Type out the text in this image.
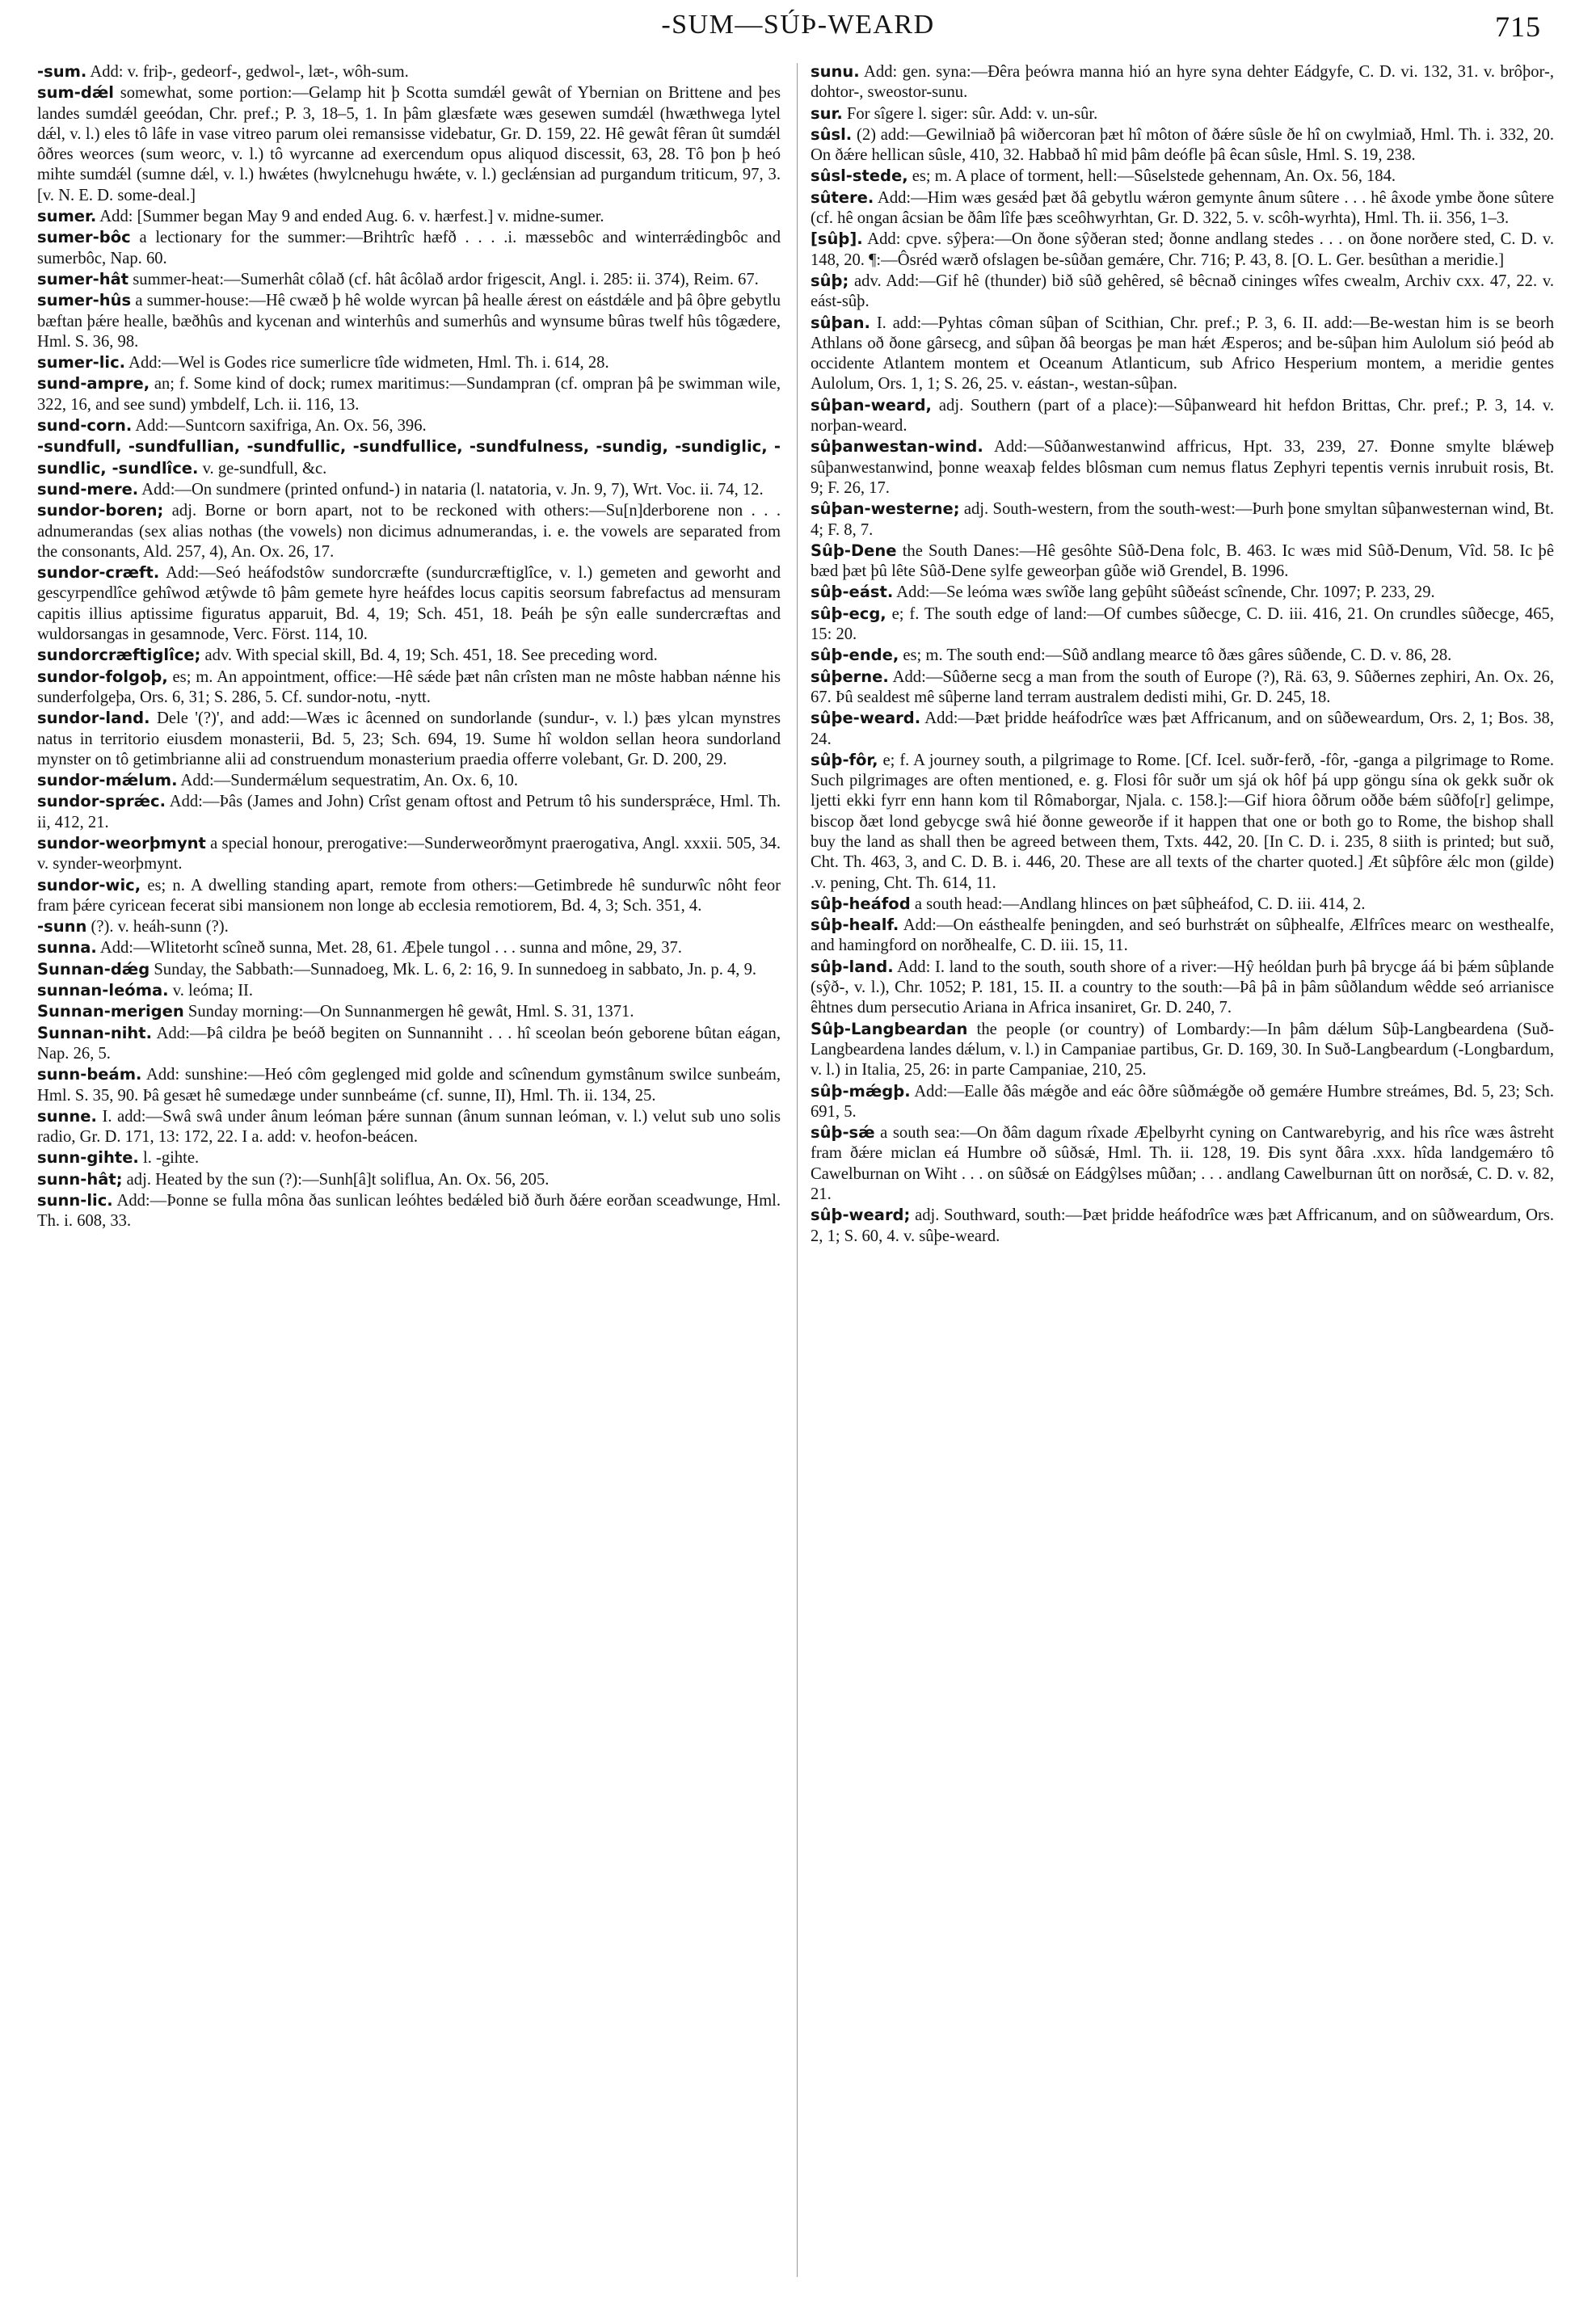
-SUM—SÚÞ-WEARD	715

-sum. Add: v. friþ-, gedeorf-, gedwol-, læt-, wôh-sum.

sum-dǽl somewhat, some portion:—Gelamp hit þ Scotta sumdǽl gewât of Ybernian on Brittene and þes landes sumdǽl geeódan, Chr. pref.; P. 3, 18–5, 1. In þâm glæsfæte wæs gesewen sumdǽl (hwæthwega lytel dǽl, v. l.) eles tô lâfe in vase vitreo parum olei remansisse videbatur, Gr. D. 159, 22. Hê gewât fêran ût sumdǽl ôðres weorces (sum weorc, v. l.) tô wyrcanne ad exercendum opus aliquod discessit, 63, 28. Tô þon þ heó mihte sumdǽl (sumne dǽl, v. l.) hwǽtes (hwylcnehugu hwǽte, v. l.) geclǽnsian ad purgandum triticum, 97, 3. [v. N. E. D. some-deal.]

sumer. Add: [Summer began May 9 and ended Aug. 6. v. hærfest.] v. midne-sumer.

sumer-bôc a lectionary for the summer:—Brihtrîc hæfð . . . .i. mæssebôc and winterrǽdingbôc and sumerbôc, Nap. 60.

sumer-hât summer-heat:—Sumerhât côlað (cf. hât âcôlað ardor frigescit, Angl. i. 285: ii. 374), Reim. 67.

sumer-hûs a summer-house:—Hê cwæð þ hê wolde wyrcan þâ healle ǽrest on eástdǽle and þâ ôþre gebytlu bæftan þǽre healle, bæðhûs and kycenan and winterhûs and sumerhûs and wynsume bûras twelf hûs tôgædere, Hml. S. 36, 98.

sumer-lic. Add:—Wel is Godes rice sumerlicre tîde widmeten, Hml. Th. i. 614, 28.

sund-ampre, an; f. Some kind of dock; rumex maritimus:—Sundampran (cf. ompran þâ þe swimman wile, 322, 16, and see sund) ymbdelf, Lch. ii. 116, 13.

sund-corn. Add:—Suntcorn saxifriga, An. Ox. 56, 396.

-sundfull, -sundfullian, -sundfullic, -sundfullice, -sundfulness, -sundig, -sundiglic, -sundlic, -sundlîce. v. ge-sundfull, &c.

sund-mere. Add:—On sundmere (printed onfund-) in nataria (l. natatoria, v. Jn. 9, 7), Wrt. Voc. ii. 74, 12.

sundor-boren; adj. Borne or born apart, not to be reckoned with others:—Su[n]derborene non . . . adnumerandas (sex alias nothas (the vowels) non dicimus adnumerandas, i. e. the vowels are separated from the consonants, Ald. 257, 4), An. Ox. 26, 17.

sundor-cræft. Add:—Seó heáfodstôw sundorcræfte (sundurcræftiglîce, v. l.) gemeten and geworht and gescyrpendlîce gehîwod ætŷwde tô þâm gemete hyre heáfdes locus capitis seorsum fabrefactus ad mensuram capitis illius aptissime figuratus apparuit, Bd. 4, 19; Sch. 451, 18. Þeáh þe sŷn ealle sundercræftas and wuldorsangas in gesamnode, Verc. Först. 114, 10.

sundorcræftiglîce; adv. With special skill, Bd. 4, 19; Sch. 451, 18. See preceding word.

sundor-folgoþ, es; m. An appointment, office:—Hê sǽde þæt nân crîsten man ne môste habban nǽnne his sunderfolgeþa, Ors. 6, 31; S. 286, 5. Cf. sundor-notu, -nytt.

sundor-land. Dele '(?)', and add:—Wæs ic âcenned on sundorlande (sundur-, v. l.) þæs ylcan mynstres natus in territorio eiusdem monasterii, Bd. 5, 23; Sch. 694, 19. Sume hî woldon sellan heora sundorland mynster on tô getimbrianne alii ad construendum monasterium praedia offerre volebant, Gr. D. 200, 29.

sundor-mǽlum. Add:—Sundermǽlum sequestratim, An. Ox. 6, 10.

sundor-sprǽc. Add:—Þâs (James and John) Crîst genam oftost and Petrum tô his sundersprǽce, Hml. Th. ii, 412, 21.

sundor-weorþmynt a special honour, prerogative:—Sunderweorðmynt praerogativa, Angl. xxxii. 505, 34. v. synder-weorþmynt.

sundor-wic, es; n. A dwelling standing apart, remote from others:—Getimbrede hê sundurwîc nôht feor fram þǽre cyricean fecerat sibi mansionem non longe ab ecclesia remotiorem, Bd. 4, 3; Sch. 351, 4.

-sunn (?). v. heáh-sunn (?).

sunna. Add:—Wlitetorht scîneð sunna, Met. 28, 61. Æþele tungol . . . sunna and mône, 29, 37.

Sunnan-dǽg Sunday, the Sabbath:—Sunnadoeg, Mk. L. 6, 2: 16, 9. In sunnedoeg in sabbato, Jn. p. 4, 9.

sunnan-leóma. v. leóma; II.

Sunnan-merigen Sunday morning:—On Sunnanmergen hê gewât, Hml. S. 31, 1371.

Sunnan-niht. Add:—Þâ cildra þe beóð begiten on Sunnanniht . . . hî sceolan beón geborene bûtan eágan, Nap. 26, 5.

sunn-beám. Add: sunshine:—Heó côm geglenged mid golde and scînendum gymstânum swilce sunbeám, Hml. S. 35, 90. Þâ gesæt hê sumedæge under sunnbeáme (cf. sunne, II), Hml. Th. ii. 134, 25.

sunne. I. add:—Swâ swâ under ânum leóman þǽre sunnan (ânum sunnan leóman, v. l.) velut sub uno solis radio, Gr. D. 171, 13: 172, 22. I a. add: v. heofon-beácen.

sunn-gihte. l. -gihte.

sunn-hât; adj. Heated by the sun (?):—Sunh[â]t soliflua, An. Ox. 56, 205.

sunn-lic. Add:—Þonne se fulla môna ðas sunlican leóhtes bedǽled bið ðurh ðǽre eorðan sceadwunge, Hml. Th. i. 608, 33.

sunu. Add: gen. syna:—Ðêra þeówra manna hió an hyre syna dehter Eádgyfe, C. D. vi. 132, 31. v. brôþor-, dohtor-, sweostor-sunu.

sur. For sîgere l. siger: sûr. Add: v. un-sûr.

sûsl. (2) add:—Gewilniað þâ wiðercoran þæt hî môton of ðǽre sûsle ðe hî on cwylmiað, Hml. Th. i. 332, 20. On ðǽre hellican sûsle, 410, 32. Habbað hî mid þâm deófle þâ êcan sûsle, Hml. S. 19, 238.

sûsl-stede, es; m. A place of torment, hell:—Sûselstede gehennam, An. Ox. 56, 184.

sûtere. Add:—Him wæs gesǽd þæt ðâ gebytlu wǽron gemynte ânum sûtere . . . hê âxode ymbe ðone sûtere (cf. hê ongan âcsian be ðâm lîfe þæs sceôhwyrhtan, Gr. D. 322, 5. v. scôh-wyrhta), Hml. Th. ii. 356, 1–3.

[sûþ]. Add: cpve. sŷþera:—On ðone sŷðeran sted; ðonne andlang stedes . . . on ðone norðere sted, C. D. v. 148, 20. ¶:—Ôsréd wærð ofslagen be-sûðan gemǽre, Chr. 716; P. 43, 8. [O. L. Ger. besûthan a meridie.]

sûþ; adv. Add:—Gif hê (thunder) bið sûð gehêred, sê bêcnað cininges wîfes cwealm, Archiv cxx. 47, 22. v. eást-sûþ.

sûþan. I. add:—Pyhtas côman sûþan of Scithian, Chr. pref.; P. 3, 6. II. add:—Be-westan him is se beorh Athlans oð ðone gârsecg, and sûþan ðâ beorgas þe man hǽt Æsperos; and be-sûþan him Aulolum sió þeód ab occidente Atlantem montem et Oceanum Atlanticum, sub Africo Hesperium montem, a meridie gentes Aulolum, Ors. 1, 1; S. 26, 25. v. eástan-, westan-sûþan.

sûþan-weard, adj. Southern (part of a place):—Sûþanweard hit hefdon Brittas, Chr. pref.; P. 3, 14. v. norþan-weard.

sûþanwestan-wind. Add:—Sûðanwestanwind affricus, Hpt. 33, 239, 27. Ðonne smylte blǽweþ sûþanwestanwind, þonne weaxaþ feldes blôsman cum nemus flatus Zephyri tepentis vernis inrubuit rosis, Bt. 9; F. 26, 17.

sûþan-westerne; adj. South-western, from the south-west:—Þurh þone smyltan sûþanwesternan wind, Bt. 4; F. 8, 7.

Sûþ-Dene the South Danes:—Hê gesôhte Sûð-Dena folc, B. 463. Ic wæs mid Sûð-Denum, Vîd. 58. Ic þê bæd þæt þû lête Sûð-Dene sylfe geweorþan gûðe wið Grendel, B. 1996.

sûþ-eást. Add:—Se leóma wæs swîðe lang geþûht sûðeást scînende, Chr. 1097; P. 233, 29.

sûþ-ecg, e; f. The south edge of land:—Of cumbes sûðecge, C. D. iii. 416, 21. On crundles sûðecge, 465, 15: 20.

sûþ-ende, es; m. The south end:—Sûð andlang mearce tô ðæs gâres sûðende, C. D. v. 86, 28.

sûþerne. Add:—Sûðerne secg a man from the south of Europe (?), Rä. 63, 9. Sûðernes zephiri, An. Ox. 26, 67. Þû sealdest mê sûþerne land terram australem dedisti mihi, Gr. D. 245, 18.

sûþe-weard. Add:—Þæt þridde heáfodrîce wæs þæt Affricanum, and on sûðeweardum, Ors. 2, 1; Bos. 38, 24.

sûþ-fôr, e; f. A journey south, a pilgrimage to Rome. [Cf. Icel. suðr-ferð, -fôr, -ganga a pilgrimage to Rome. Such pilgrimages are often mentioned, e. g. Flosi fôr suðr um sjá ok hôf þá upp göngu sína ok gekk suðr ok ljetti ekki fyrr enn hann kom til Rômaborgar, Njala. c. 158.]:—Gif hiora ôðrum oððe bǽm sûðfo[r] gelimpe, biscop ðæt lond gebycge swâ hié ðonne geweorðe if it happen that one or both go to Rome, the bishop shall buy the land as shall then be agreed between them, Txts. 442, 20. [In C. D. i. 235, 8 siith is printed; but suð, Cht. Th. 463, 3, and C. D. B. i. 446, 20. These are all texts of the charter quoted.] Æt sûþfôre ǽlc mon (gilde) .v. pening, Cht. Th. 614, 11.

sûþ-heáfod a south head:—Andlang hlinces on þæt sûþheáfod, C. D. iii. 414, 2.

sûþ-healf. Add:—On eásthealfe þeningden, and seó burhstrǽt on sûþhealfe, Ælfrîces mearc on westhealfe, and hamingford on norðhealfe, C. D. iii. 15, 11.

sûþ-land. Add: I. land to the south, south shore of a river:—Hŷ heóldan þurh þâ brycge áá bi þǽm sûþlande (sŷð-, v. l.), Chr. 1052; P. 181, 15. II. a country to the south:—Þâ þâ in þâm sûðlandum wêdde seó arrianisce êhtnes dum persecutio Ariana in Africa insaniret, Gr. D. 240, 7.

Sûþ-Langbeardan the people (or country) of Lombardy:—In þâm dǽlum Sûþ-Langbeardena (Suð-Langbeardena landes dǽlum, v. l.) in Campaniae partibus, Gr. D. 169, 30. In Suð-Langbeardum (-Longbardum, v. l.) in Italia, 25, 26: in parte Campaniae, 210, 25.

sûþ-mǽgþ. Add:—Ealle ðâs mǽgðe and eác ôðre sûðmǽgðe oð gemǽre Humbre streámes, Bd. 5, 23; Sch. 691, 5.

sûþ-sǽ a south sea:—On ðâm dagum rîxade Æþelbyrht cyning on Cantwarebyrig, and his rîce wæs âstreht fram ðǽre miclan eá Humbre oð sûðsǽ, Hml. Th. ii. 128, 19. Ðis synt ðâra .xxx. hîda landgemǽro tô Cawelburnan on Wiht . . . on sûðsǽ on Eádgŷlses mûðan; . . . andlang Cawelburnan ûtt on norðsǽ, C. D. v. 82, 21.

sûþ-weard; adj. Southward, south:—Þæt þridde heáfodrîce wæs þæt Affricanum, and on sûðweardum, Ors. 2, 1; S. 60, 4. v. sûþe-weard.
